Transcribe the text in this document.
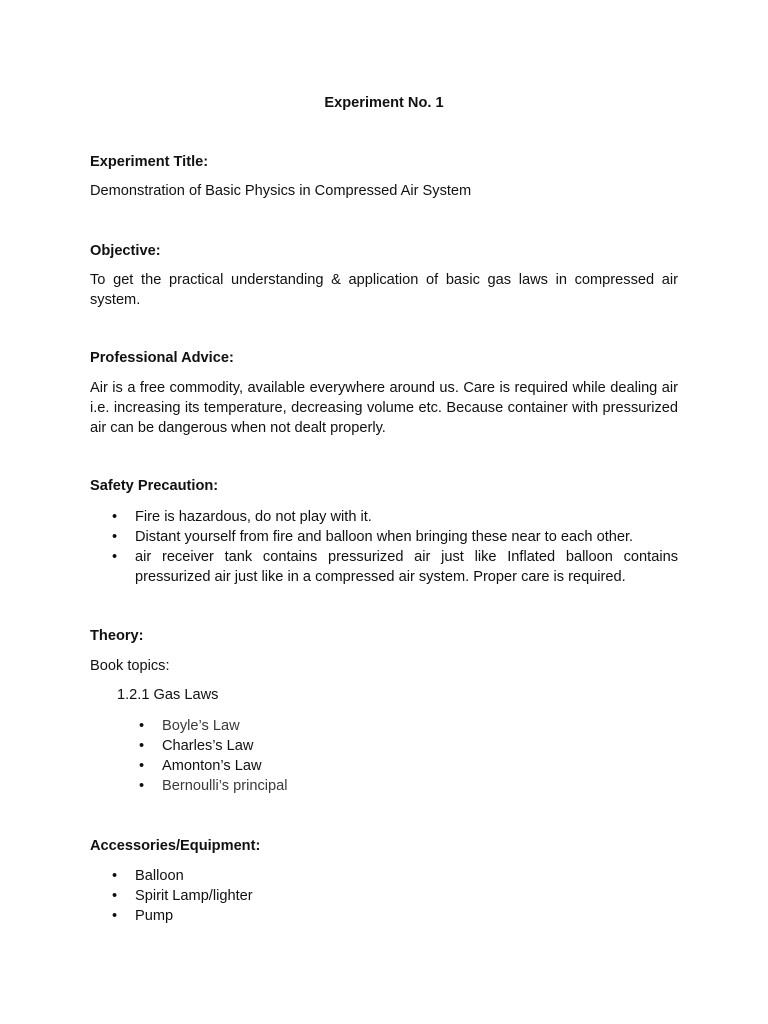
Experiment No. 1
Experiment Title:
Demonstration of Basic Physics in Compressed Air System
Objective:
To get the practical understanding & application of basic gas laws in compressed air
system.
Professional Advice:

Air is a free commodity, available everywhere around us. Care is required while dealing air i.e. increasing its temperature, decreasing volume etc. Because container with pressurized air can be dangerous when not dealt properly.

Safety Precaution:
• Fire is hazardous, do not play with it.
• Distant yourself from fire and balloon when bringing these near to each other.
• air receiver tank contains pressurized air just like Inflated balloon contains pressurized air just like in a compressed air system. Proper care is required.
Theory:
Book topics:
1.2.1 Gas Laws
• Boyle’s Law
• Charles’s Law
• Amonton’s Law
• Bernoulli’s principal
Accessories/Equipment:
• Balloon
• Spirit Lamp/lighter
• Pump
